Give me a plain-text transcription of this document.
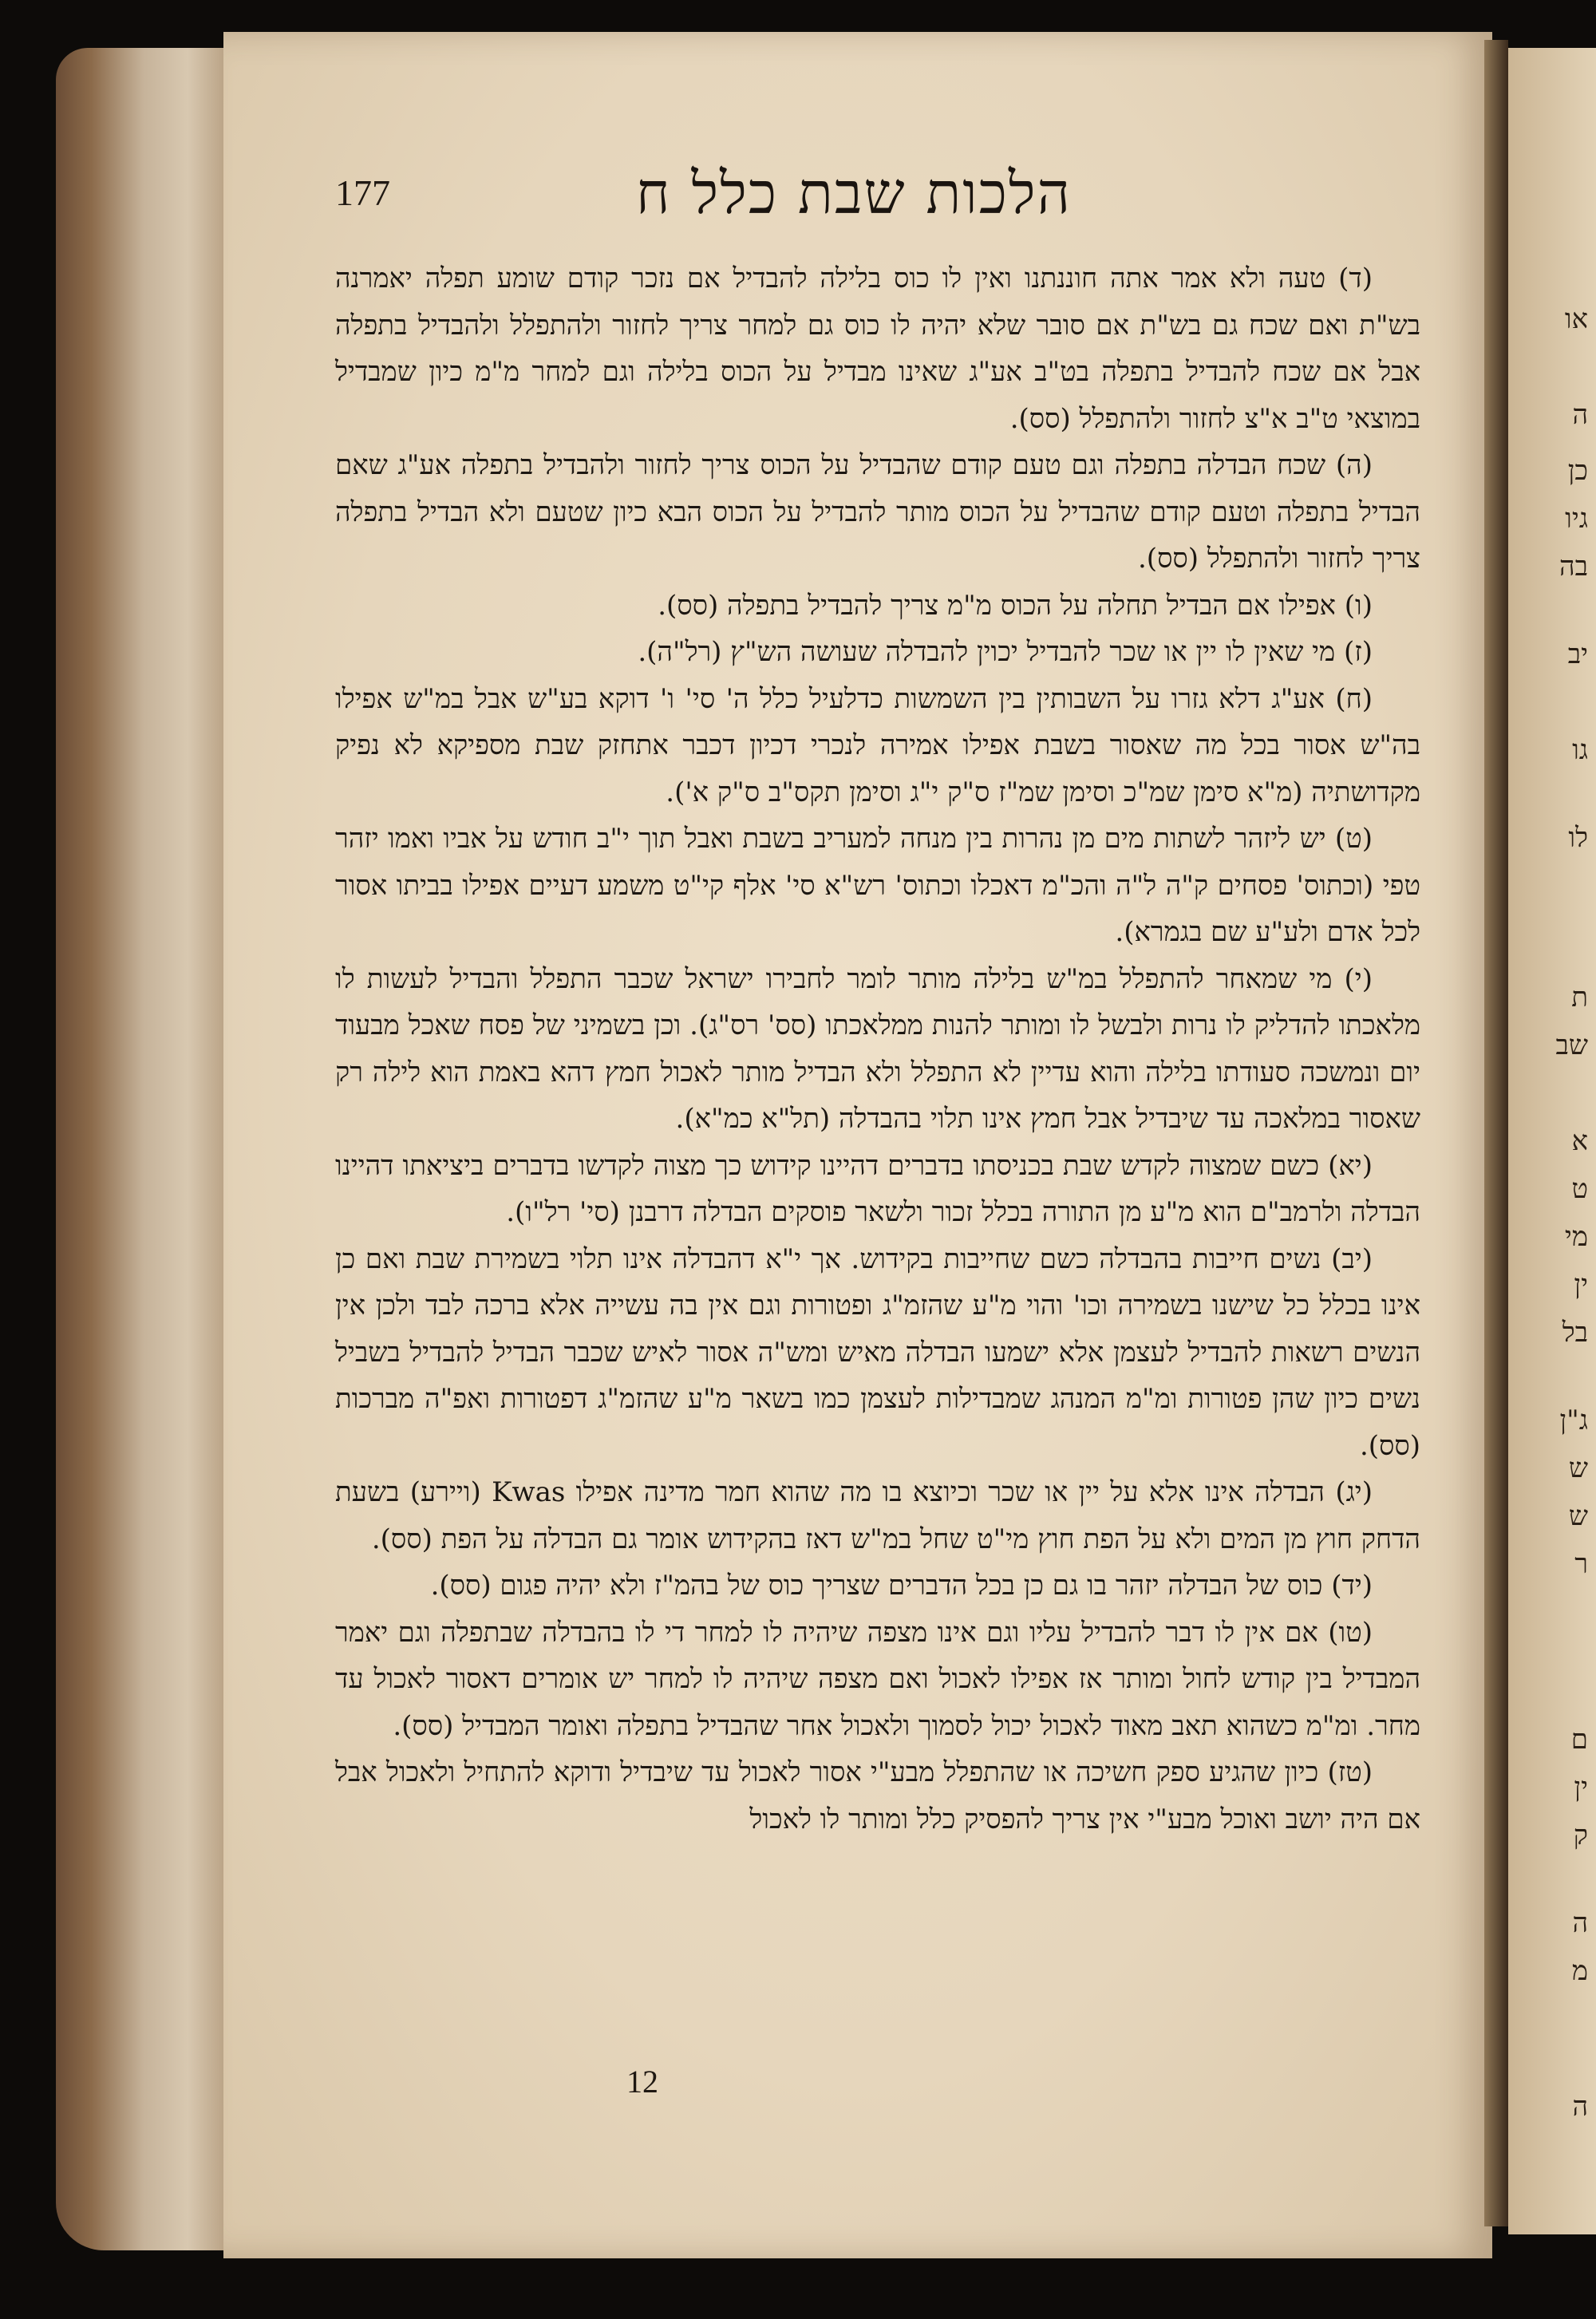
או
ה
כן
גיו
בה
יב
גו
לו
ת
שב
א
ט
מי
ין
בל
ג"ן
ש
ש
ר
ם
ין
ק
ה
מ
ה
177	הלכות שבת כלל ח

(ד) טעה ולא אמר אתה חוננתנו ואין לו כוס בלילה להבדיל אם נזכר קודם שומע תפלה יאמרנה בש"ת ואם שכח גם בש"ת אם סובר שלא יהיה לו כוס גם למחר צריך לחזור ולהתפלל ולהבדיל בתפלה אבל אם שכח להבדיל בתפלה בט"ב אע"ג שאינו מבדיל על הכוס בלילה וגם למחר מ"מ כיון שמבדיל במוצאי ט"ב א"צ לחזור ולהתפלל (סס).

(ה) שכח הבדלה בתפלה וגם טעם קודם שהבדיל על הכוס צריך לחזור ולהבדיל בתפלה אע"ג שאם הבדיל בתפלה וטעם קודם שהבדיל על הכוס מותר להבדיל על הכוס הבא כיון שטעם ולא הבדיל בתפלה צריך לחזור ולהתפלל (סס).

(ו) אפילו אם הבדיל תחלה על הכוס מ"מ צריך להבדיל בתפלה (סס).

(ז) מי שאין לו יין או שכר להבדיל יכוין להבדלה שעושה הש"ץ (רל"ה).

(ח) אע"ג דלא גזרו על השבותין בין השמשות כדלעיל כלל ה' סי' ו' דוקא בע"ש אבל במ"ש אפילו בה"ש אסור בכל מה שאסור בשבת אפילו אמירה לנכרי דכיון דכבר אתחזק שבת מספיקא לא נפיק מקדושתיה (מ"א סימן שמ"כ וסימן שמ"ז ס"ק י"ג וסימן תקס"ב ס"ק א').

(ט) יש ליזהר לשתות מים מן נהרות בין מנחה למעריב בשבת ואבל תוך י"ב חודש על אביו ואמו יזהר טפי (וכתוס' פסחים ק"ה ל"ה והכ"מ דאכלו וכתוס' רש"א סי' אלף קי"ט משמע דעיים אפילו בביתו אסור לכל אדם ולע"ע שם בגמרא).

(י) מי שמאחר להתפלל במ"ש בלילה מותר לומר לחבירו ישראל שכבר התפלל והבדיל לעשות לו מלאכתו להדליק לו נרות ולבשל לו ומותר להנות ממלאכתו (סס' רס"ג). וכן בשמיני של פסח שאכל מבעוד יום ונמשכה סעודתו בלילה והוא עדיין לא התפלל ולא הבדיל מותר לאכול חמץ דהא באמת הוא לילה רק שאסור במלאכה עד שיבדיל אבל חמץ אינו תלוי בהבדלה (תל"א כמ"א).

(יא) כשם שמצוה לקדש שבת בכניסתו בדברים דהיינו קידוש כך מצוה לקדשו בדברים ביציאתו דהיינו הבדלה ולרמב"ם הוא מ"ע מן התורה בכלל זכור ולשאר פוסקים הבדלה דרבנן (סי' רל"ו).

(יב) נשים חייבות בהבדלה כשם שחייבות בקידוש. אך י"א דהבדלה אינו תלוי בשמירת שבת ואם כן אינו בכלל כל שישנו בשמירה וכו' והוי מ"ע שהזמ"ג ופטורות וגם אין בה עשייה אלא ברכה לבד ולכן אין הנשים רשאות להבדיל לעצמן אלא ישמעו הבדלה מאיש ומש"ה אסור לאיש שכבר הבדיל להבדיל בשביל נשים כיון שהן פטורות ומ"מ המנהג שמבדילות לעצמן כמו בשאר מ"ע שהזמ"ג דפטורות ואפ"ה מברכות (סס).

(יג) הבדלה אינו אלא על יין או שכר וכיוצא בו מה שהוא חמר מדינה אפילו Kwas (ויירע) בשעת הדחק חוץ מן המים ולא על הפת חוץ מי"ט שחל במ"ש דאז בהקידוש אומר גם הבדלה על הפת (סס).

(יד) כוס של הבדלה יזהר בו גם כן בכל הדברים שצריך כוס של בהמ"ז ולא יהיה פגום (סס).

(טו) אם אין לו דבר להבדיל עליו וגם אינו מצפה שיהיה לו למחר די לו בהבדלה שבתפלה וגם יאמר המבדיל בין קודש לחול ומותר אז אפילו לאכול ואם מצפה שיהיה לו למחר יש אומרים דאסור לאכול עד מחר. ומ"מ כשהוא תאב מאוד לאכול יכול לסמוך ולאכול אחר שהבדיל בתפלה ואומר המבדיל (סס).

(טז) כיון שהגיע ספק חשיכה או שהתפלל מבע"י אסור לאכול עד שיבדיל ודוקא להתחיל ולאכול אבל אם היה יושב ואוכל מבע"י אין צריך להפסיק כלל ומותר לו לאכול

12
